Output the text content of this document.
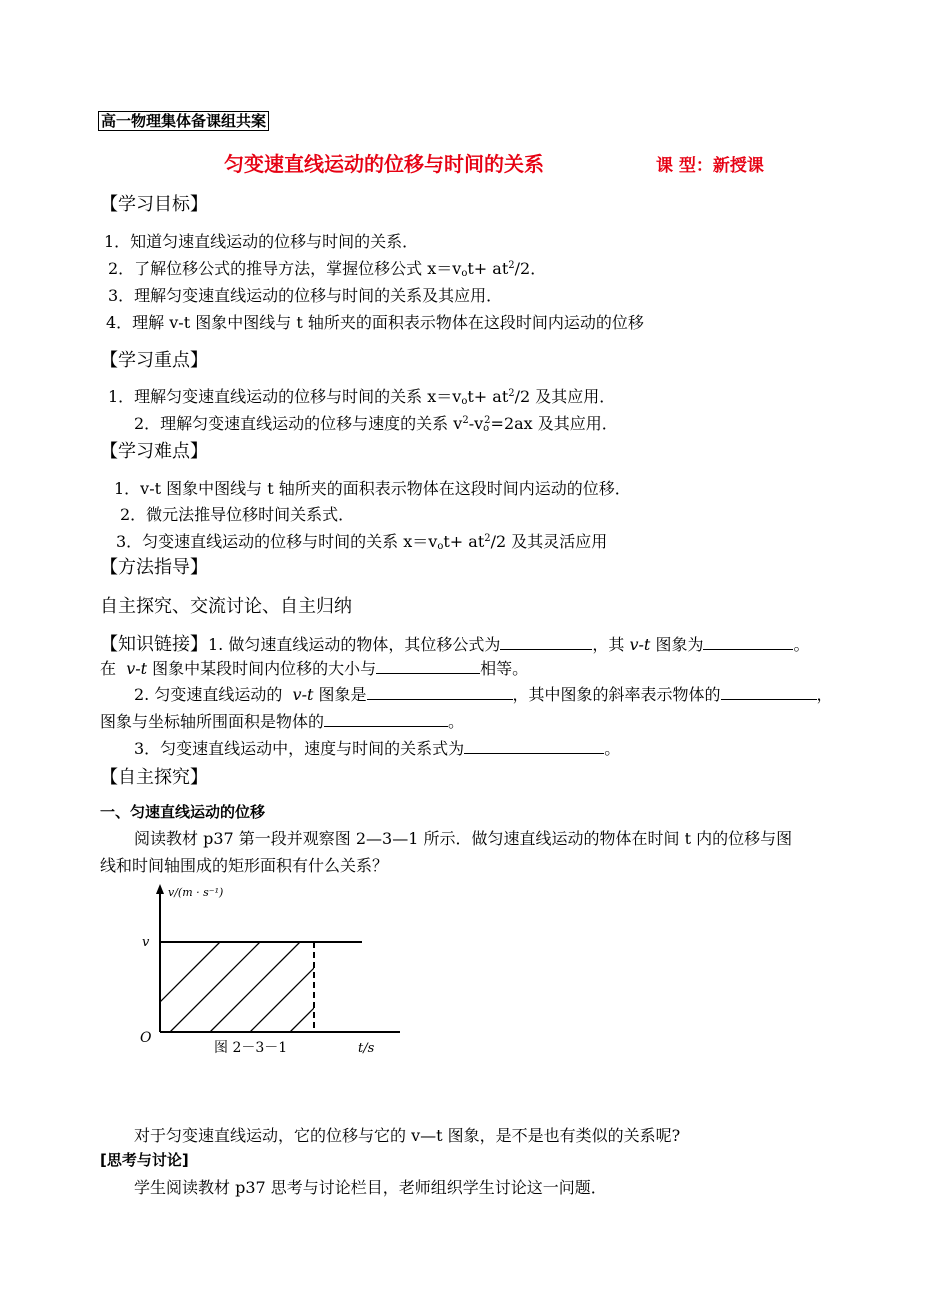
高一物理集体备课组共案
匀变速直线运动的位移与时间的关系	课 型：新授课
【学习目标】
1．知道匀速直线运动的位移与时间的关系．
2．了解位移公式的推导方法，掌握位移公式 $x=v_ot+ at^2/2$．
3．理解匀变速直线运动的位移与时间的关系及其应用．
4．理解 v-t 图象中图线与 t 轴所夹的面积表示物体在这段时间内运动的位移
【学习重点】
1．理解匀变速直线运动的位移与时间的关系 $x=v_ot+ at^2/2$ 及其应用．
2．理解匀变速直线运动的位移与速度的关系 $v^2-v_o^2=2ax$ 及其应用．
【学习难点】
1．v-t 图象中图线与 t 轴所夹的面积表示物体在这段时间内运动的位移．
2．微元法推导位移时间关系式．
3．匀变速直线运动的位移与时间的关系 $x=v_ot+ at^2/2$ 及其灵活应用
【方法指导】
自主探究、交流讨论、自主归纳
【知识链接】1. 做匀速直线运动的物体，其位移公式为	，其 v-t 图象为	。
在 v-t 图象中某段时间内位移的大小与	相等。
2. 匀变速直线运动的 v-t 图象是	，其中图象的斜率表示物体的	，
图象与坐标轴所围面积是物体的	。
3．匀变速直线运动中，速度与时间的关系式为	。
【自主探究】
一、匀速直线运动的位移
阅读教材 p37 第一段并观察图 2—3—1 所示．做匀速直线运动的物体在时间 t 内的位移与图
线和时间轴围成的矩形面积有什么关系？
v/(m · s⁻¹)
v
O
图 2－3－1	t/s
对于匀变速直线运动，它的位移与它的 v—t 图象，是不是也有类似的关系呢?
[思考与讨论]
学生阅读教材 p37 思考与讨论栏目，老师组织学生讨论这一问题．
